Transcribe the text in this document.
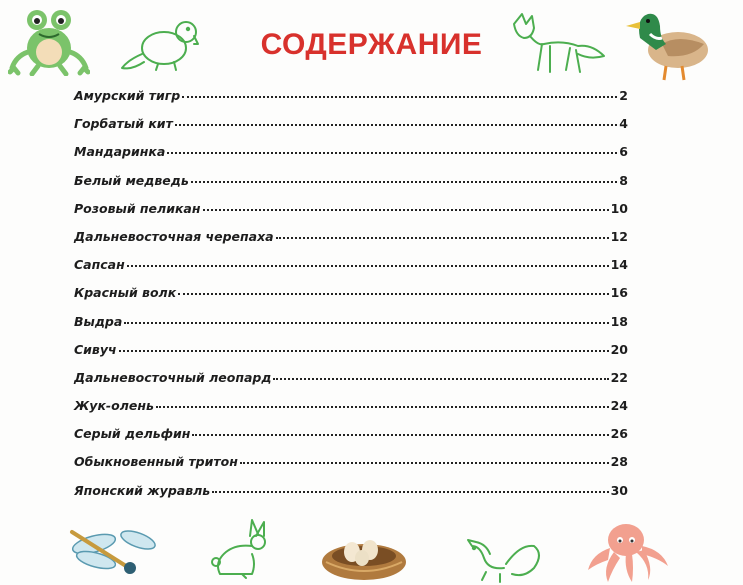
СОДЕРЖАНИЕ
Амурский тигр	2
Горбатый кит	4
Мандаринка	6
Белый медведь	8
Розовый пеликан	10
Дальневосточная черепаха	12
Сапсан	14
Красный волк	16
Выдра	18
Сивуч	20
Дальневосточный леопард	22
Жук-олень	24
Серый дельфин	26
Обыкновенный тритон	28
Японский журавль	30
